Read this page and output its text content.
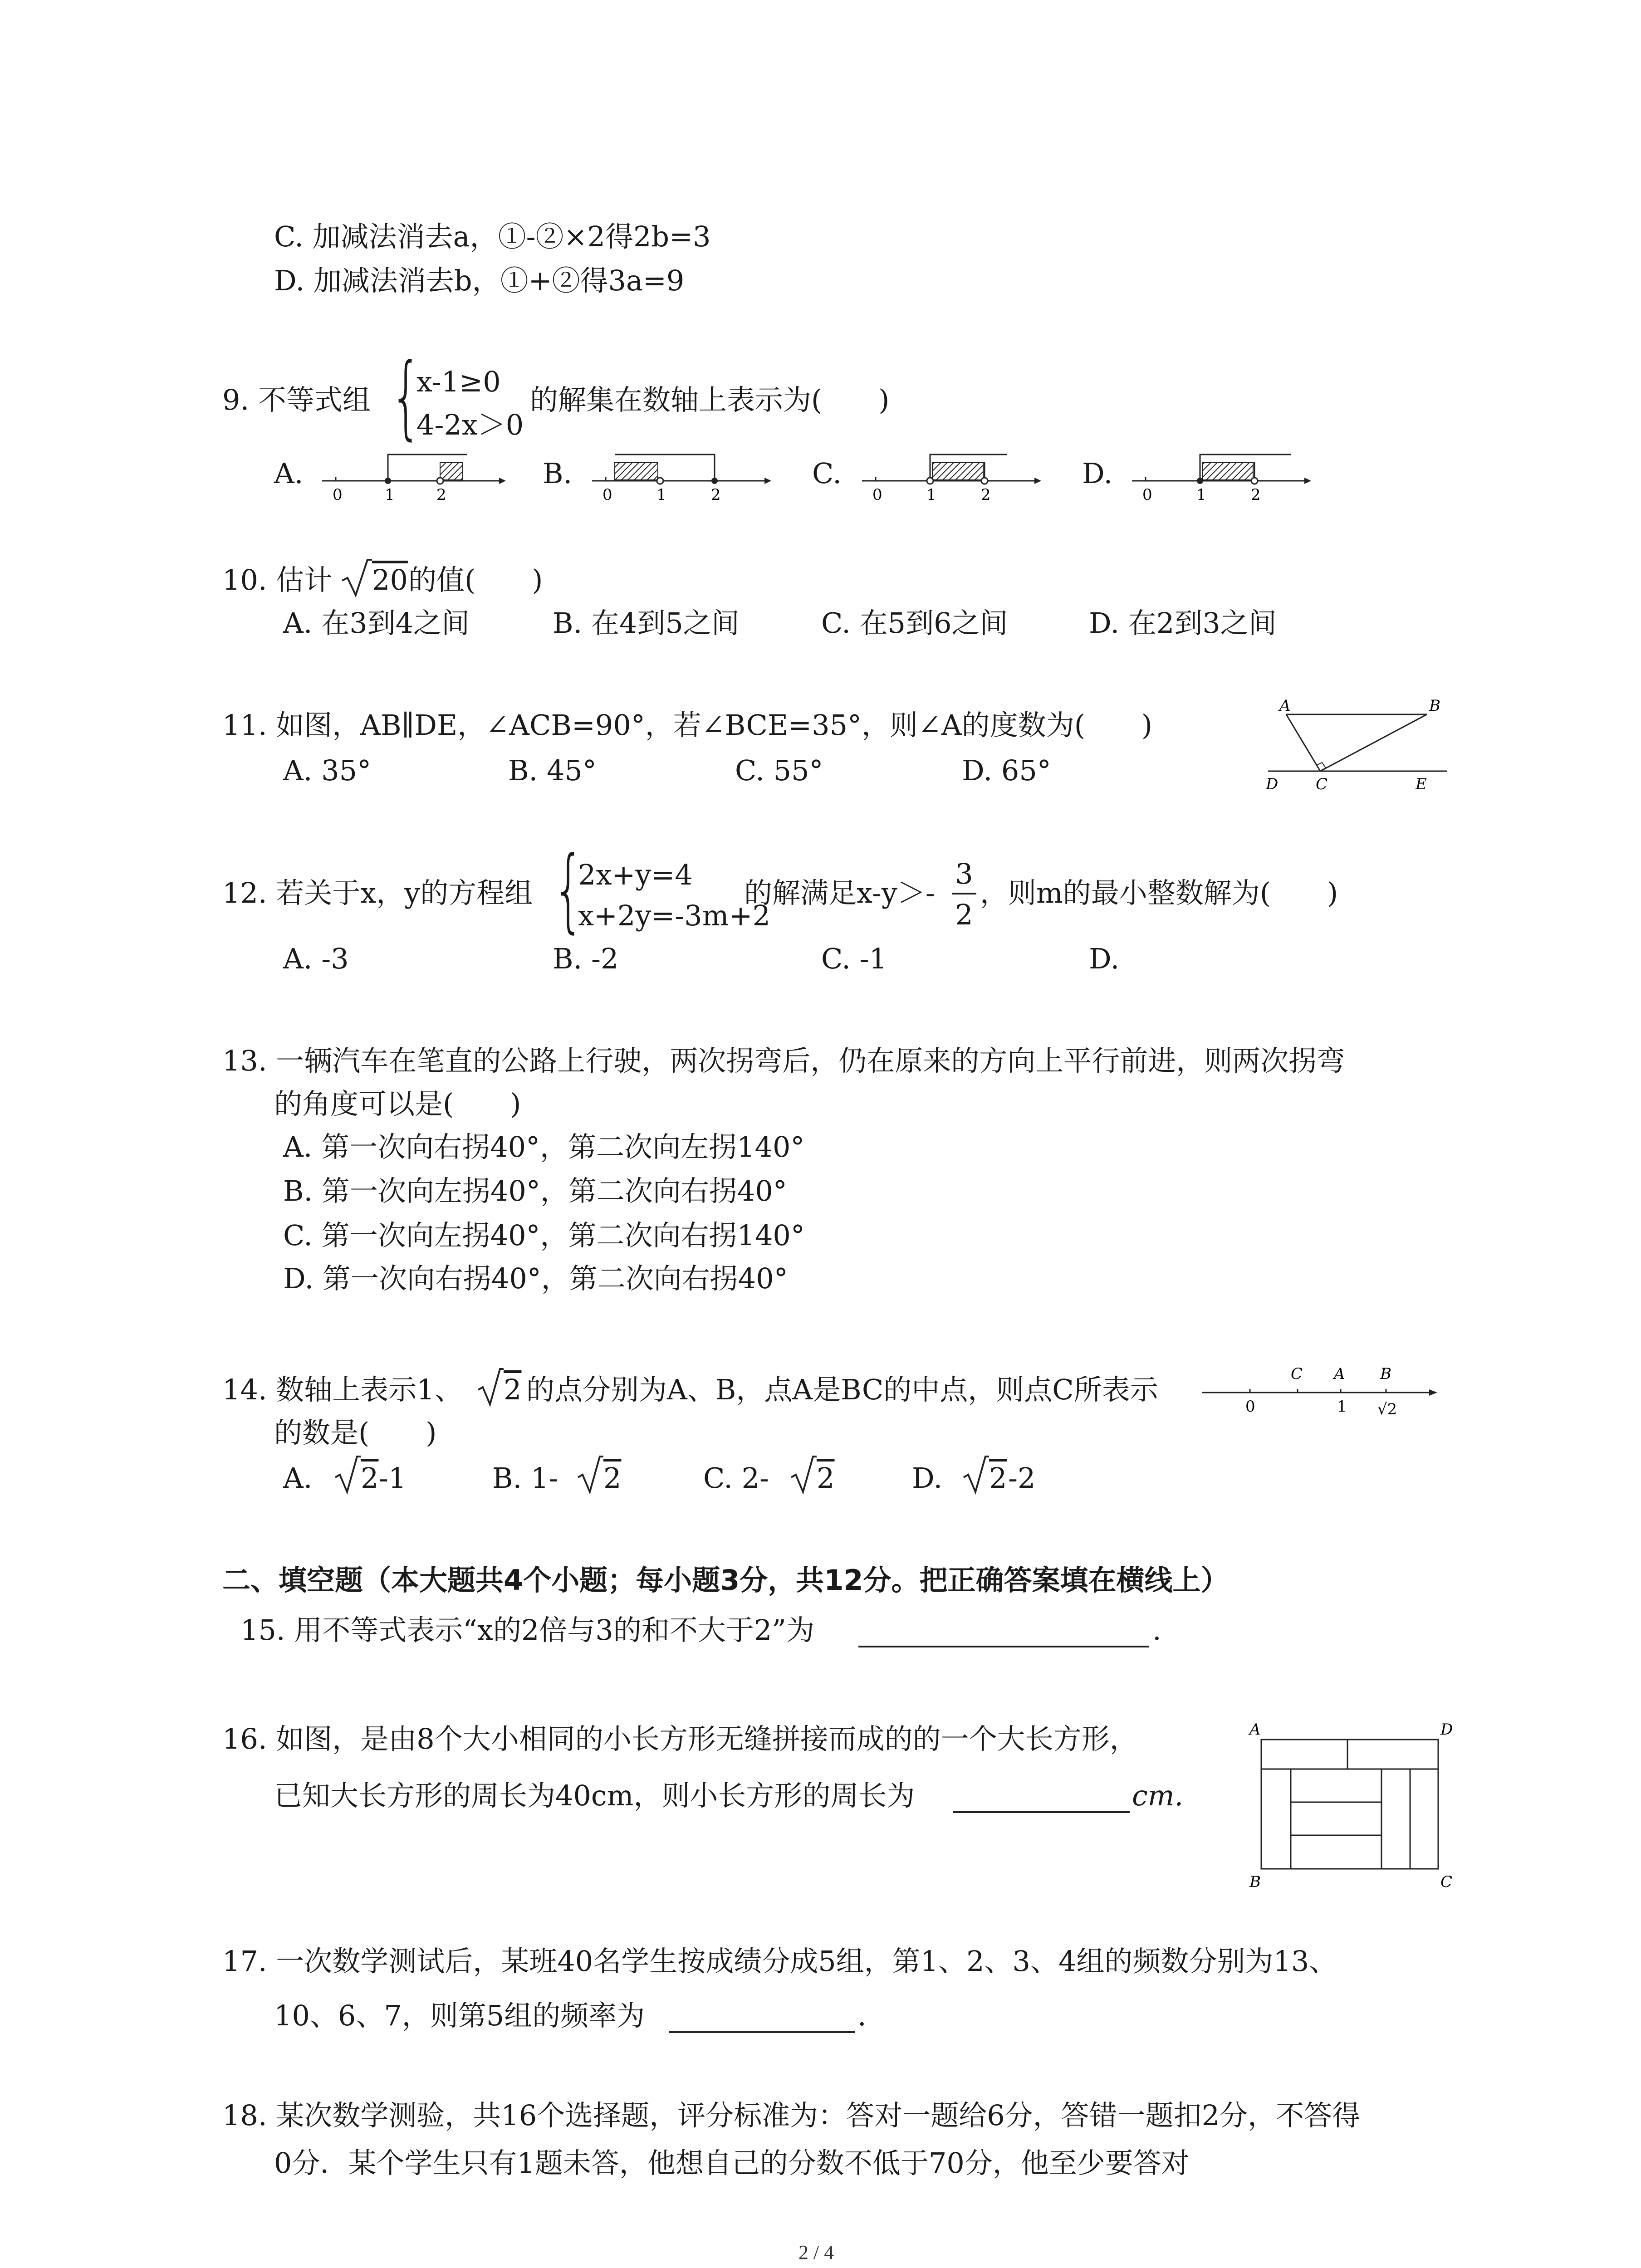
C. 加减法消去a，①-②×2得2b=3
D. 加减法消去b，①+②得3a=9
9. 不等式组 {
x-1≥0
4-2x＞0
的解集在数轴上表示为(　　)
A.	B.	C.	D.
0	1	2	0	1	2	0	1	2	0	1	2
10. 估计 20 的值(　　)
A. 在3到4之间	B. 在4到5之间	C. 在5到6之间	D. 在2到3之间
11. 如图，AB∥DE，∠ACB=90°，若∠BCE=35°，则∠A的度数为(　　)
A. 35°	B. 45°	C. 55°	D. 65°
A	B
D C	E
12. 若关于x，y的方程组 {
2x+y=4
x+2y=-3m+2
的解满足x-y＞-
3
2
，则m的最小整数解为(　　)
A. -3	B. -2	C. -1	D.
13. 一辆汽车在笔直的公路上行驶，两次拐弯后，仍在原来的方向上平行前进，则两次拐弯
的角度可以是(　　)
A. 第一次向右拐40°，第二次向左拐140°
B. 第一次向左拐40°，第二次向右拐40°
C. 第一次向左拐40°，第二次向右拐140°
D. 第一次向右拐40°，第二次向右拐40°
14. 数轴上表示1、 2 的点分别为A、B，点A是BC的中点，则点C所表示
的数是(　　)
A. 2 -1	B. 1- 2	C. 2- 2	D. 2 -2
C A B
0	1 √2
二、填空题（本大题共4个小题；每小题3分，共12分。把正确答案填在横线上）
15. 用不等式表示“x的2倍与3的和不大于2”为	.
16. 如图，是由8个大小相同的小长方形无缝拼接而成的的一个大长方形，
已知大长方形的周长为40cm，则小长方形的周长为	cm.
A	D
B	C
17. 一次数学测试后，某班40名学生按成绩分成5组，第1、2、3、4组的频数分别为13、
10、6、7，则第5组的频率为	.
18. 某次数学测验，共16个选择题，评分标准为：答对一题给6分，答错一题扣2分，不答得
0分．某个学生只有1题未答，他想自己的分数不低于70分，他至少要答对
2 / 4
